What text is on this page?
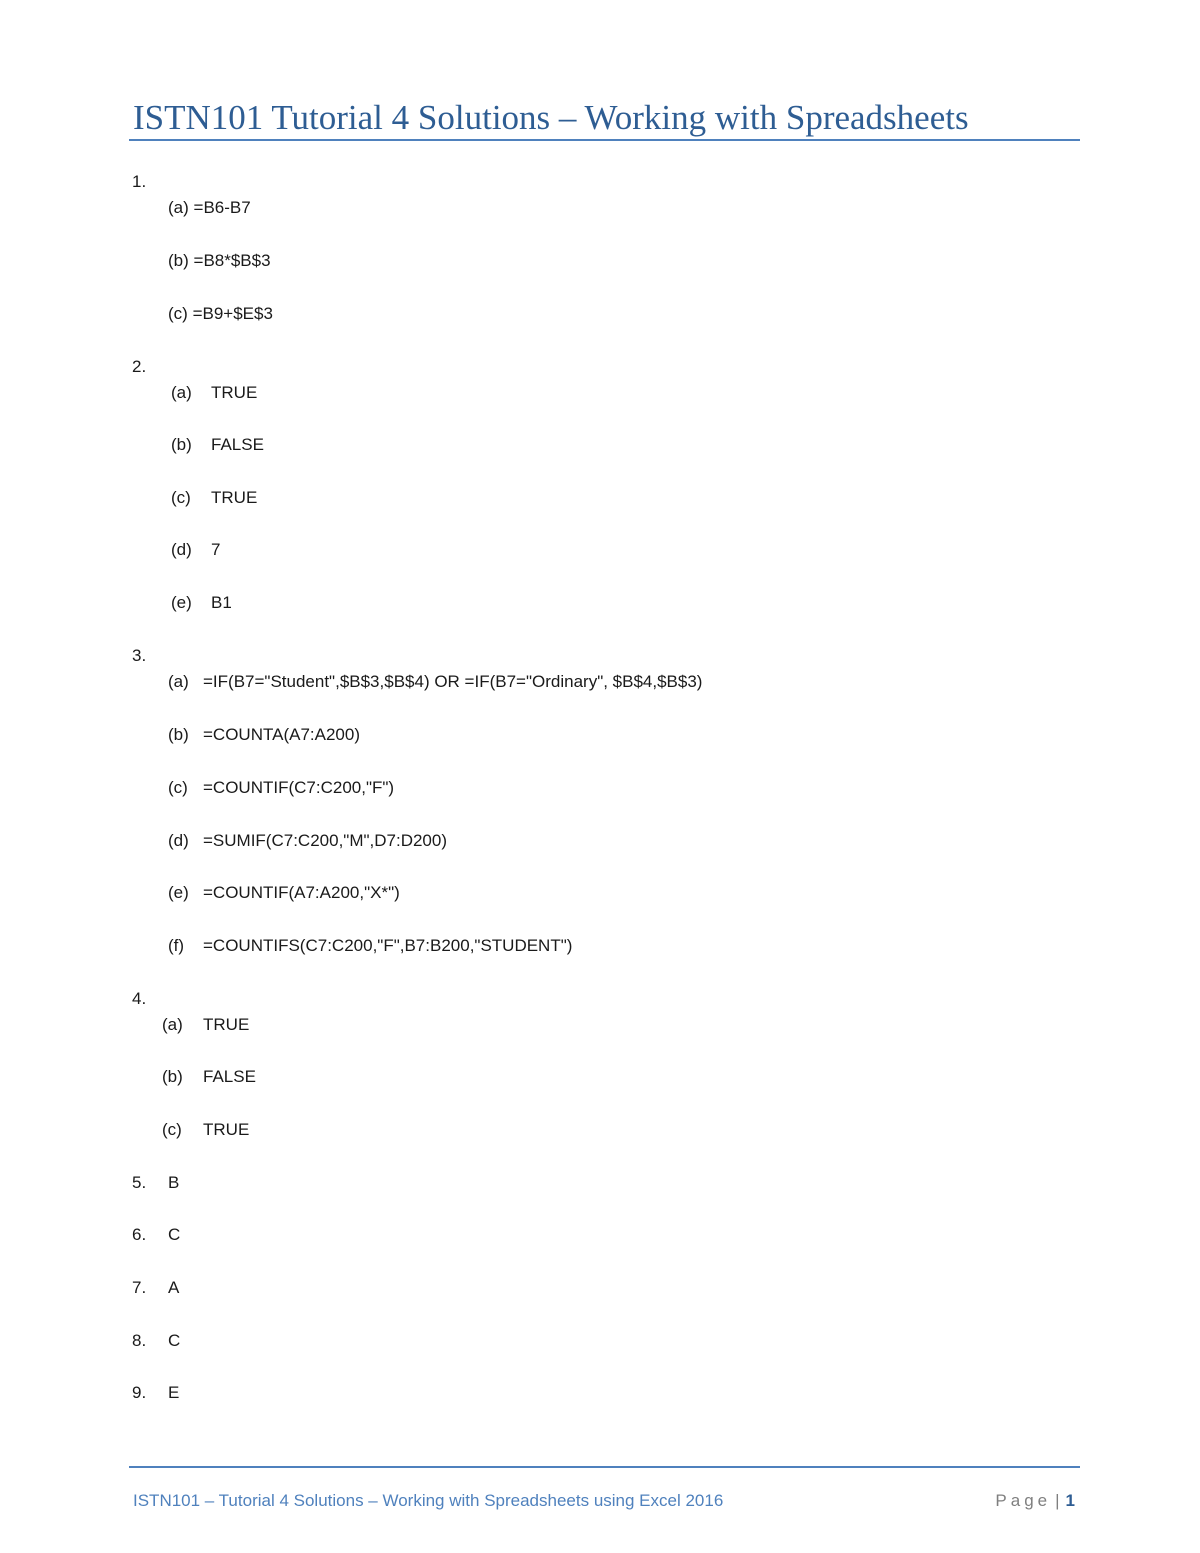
ISTN101 Tutorial 4 Solutions – Working with Spreadsheets
1.
(a) =B6-B7
(b) =B8*$B$3
(c) =B9+$E$3
2.
(a) TRUE
(b) FALSE
(c) TRUE
(d) 7
(e) B1
3.
(a) =IF(B7="Student",$B$3,$B$4) OR =IF(B7="Ordinary", $B$4,$B$3)
(b) =COUNTA(A7:A200)
(c) =COUNTIF(C7:C200,"F")
(d) =SUMIF(C7:C200,"M",D7:D200)
(e) =COUNTIF(A7:A200,"X*")
(f) =COUNTIFS(C7:C200,"F",B7:B200,"STUDENT")
4.
(a) TRUE
(b) FALSE
(c) TRUE
5. B
6. C
7. A
8. C
9. E
ISTN101 – Tutorial 4 Solutions – Working with Spreadsheets using Excel 2016	Page | 1
